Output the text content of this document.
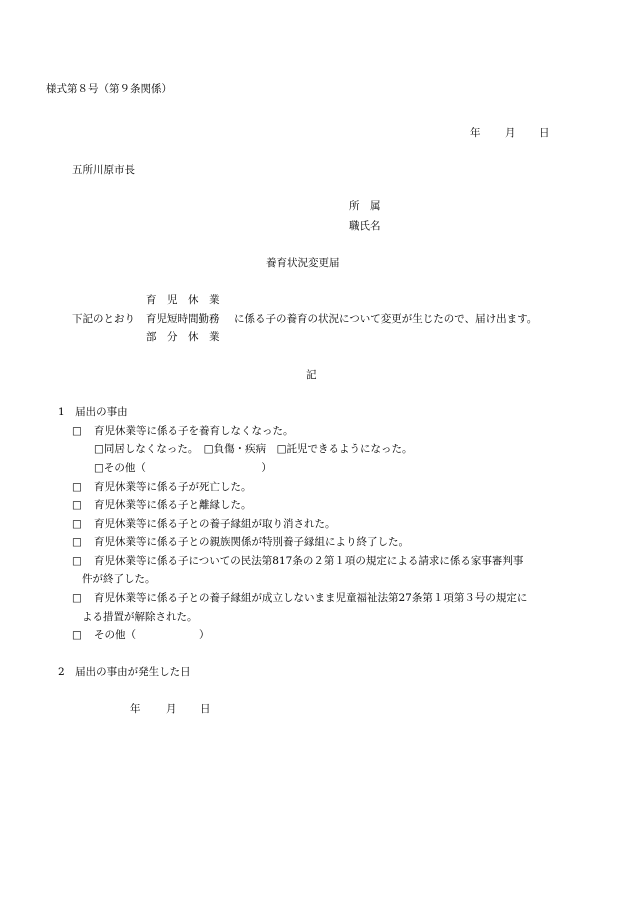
様式第８号（第９条関係）
年 月 日
五所川原市長
所　属
職氏名
養育状況変更届
育　児　休　業
下記のとおり 育児短時間勤務 に係る子の養育の状況について変更が生じたので、届け出ます。
部　分　休　業
記
1　届出の事由
□ 育児休業等に係る子を養育しなくなった。
□同居しなくなった。　□負傷・疾病　□託児できるようになった。
□その他（　　　　　　　　　　　）
□ 育児休業等に係る子が死亡した。
□ 育児休業等に係る子と離縁した。
□ 育児休業等に係る子との養子縁組が取り消された。
□ 育児休業等に係る子との親族関係が特別養子縁組により終了した。
□ 育児休業等に係る子についての民法第817条の２第１項の規定による請求に係る家事審判事
件が終了した。
□ 育児休業等に係る子との養子縁組が成立しないまま児童福祉法第27条第１項第３号の規定に
よる措置が解除された。
□ その他（　　　　　　）
2　届出の事由が発生した日
年 月 日
